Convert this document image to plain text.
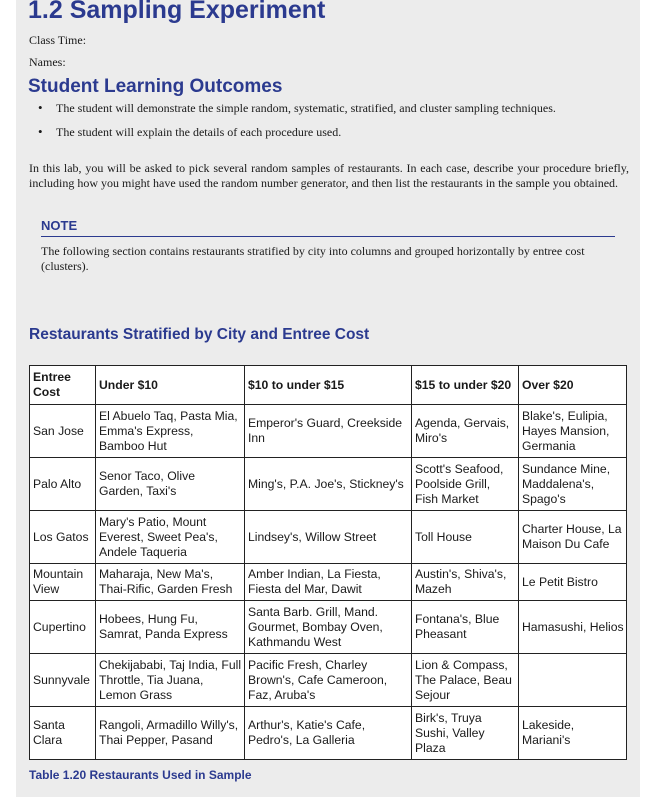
1.2 Sampling Experiment
Class Time:
Names:
Student Learning Outcomes
• The student will demonstrate the simple random, systematic, stratified, and cluster sampling techniques.
• The student will explain the details of each procedure used.

In this lab, you will be asked to pick several random samples of restaurants. In each case, describe your procedure briefly, including how you might have used the random number generator, and then list the restaurants in the sample you obtained.

NOTE
The following section contains restaurants stratified by city into columns and grouped horizontally by entree cost (clusters).
Restaurants Stratified by City and Entree Cost
Entree Cost	Under $10	$10 to under $15	$15 to under $20	Over $20
San Jose	El Abuelo Taq, Pasta Mia, Emma's Express, Bamboo Hut	Emperor's Guard, Creekside Inn	Agenda, Gervais, Miro's	Blake's, Eulipia, Hayes Mansion, Germania
Palo Alto	Senor Taco, Olive Garden, Taxi's	Ming's, P.A. Joe's, Stickney's	Scott's Seafood, Poolside Grill, Fish Market	Sundance Mine, Maddalena's, Spago's
Los Gatos	Mary's Patio, Mount Everest, Sweet Pea's, Andele Taqueria	Lindsey's, Willow Street	Toll House	Charter House, La Maison Du Cafe
Mountain View	Maharaja, New Ma's, Thai-Rific, Garden Fresh	Amber Indian, La Fiesta, Fiesta del Mar, Dawit	Austin's, Shiva's, Mazeh	Le Petit Bistro
Cupertino	Hobees, Hung Fu, Samrat, Panda Express	Santa Barb. Grill, Mand. Gourmet, Bombay Oven, Kathmandu West	Fontana's, Blue Pheasant	Hamasushi, Helios
Sunnyvale	Chekijababi, Taj India, Full Throttle, Tia Juana, Lemon Grass	Pacific Fresh, Charley Brown's, Cafe Cameroon, Faz, Aruba's	Lion & Compass, The Palace, Beau Sejour	
Santa Clara	Rangoli, Armadillo Willy's, Thai Pepper, Pasand	Arthur's, Katie's Cafe, Pedro's, La Galleria	Birk's, Truya Sushi, Valley Plaza	Lakeside, Mariani's
Table 1.20 Restaurants Used in Sample
